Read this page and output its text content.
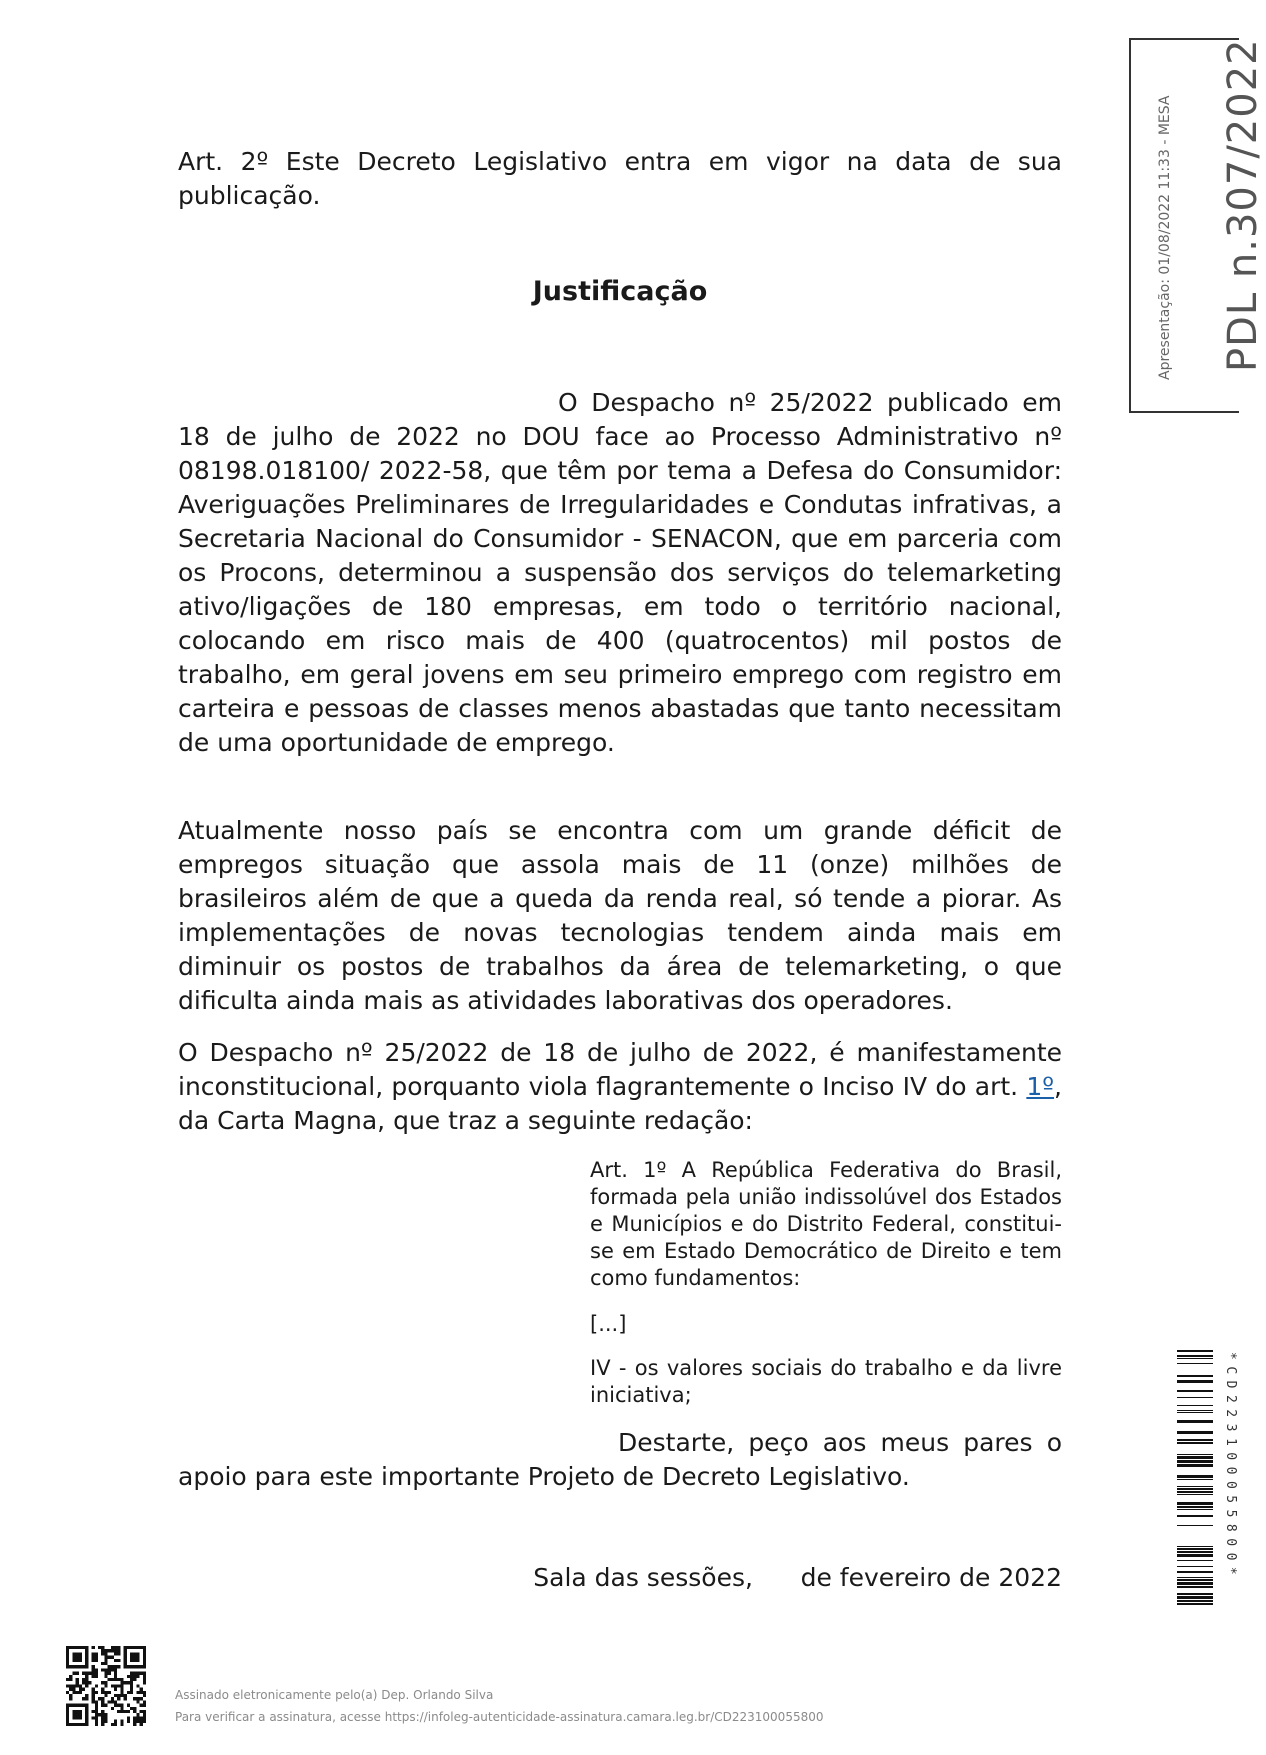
Art. 2º Este Decreto Legislativo entra em vigor na data de sua publicação.

Justificação

O Despacho nº 25/2022 publicado em 18 de julho de 2022 no DOU face ao Processo Administrativo nº 08198.018100/ 2022-58, que têm por tema a Defesa do Consumidor: Averiguações Preliminares de Irregularidades e Condutas infrativas, a Secretaria Nacional do Consumidor - SENACON, que em parceria com os Procons, determinou a suspensão dos serviços do telemarketing ativo/ligações de 180 empresas, em todo o território nacional, colocando em risco mais de 400 (quatrocentos) mil postos de trabalho, em geral jovens em seu primeiro emprego com registro em carteira e pessoas de classes menos abastadas que tanto necessitam de uma oportunidade de emprego.

Atualmente nosso país se encontra com um grande déficit de empregos situação que assola mais de 11 (onze) milhões de brasileiros além de que a queda da renda real, só tende a piorar. As implementações de novas tecnologias tendem ainda mais em diminuir os postos de trabalhos da área de telemarketing, o que dificulta ainda mais as atividades laborativas dos operadores.

O Despacho nº 25/2022 de 18 de julho de 2022, é manifestamente inconstitucional, porquanto viola flagrantemente o Inciso IV do art. 1º, da Carta Magna, que traz a seguinte redação:

Art. 1º A República Federativa do Brasil, formada pela união indissolúvel dos Estados e Municípios e do Distrito Federal, constitui-se em Estado Democrático de Direito e tem como fundamentos:

[...]

IV - os valores sociais do trabalho e da livre iniciativa;

Destarte, peço aos meus pares o apoio para este importante Projeto de Decreto Legislativo.

Sala das sessões,      de fevereiro de 2022

PDL n.307/2022
Apresentação: 01/08/2022 11:33 - MESA
*CD223100055800*

Assinado eletronicamente pelo(a) Dep. Orlando Silva

Para verificar a assinatura, acesse https://infoleg-autenticidade-assinatura.camara.leg.br/CD223100055800
